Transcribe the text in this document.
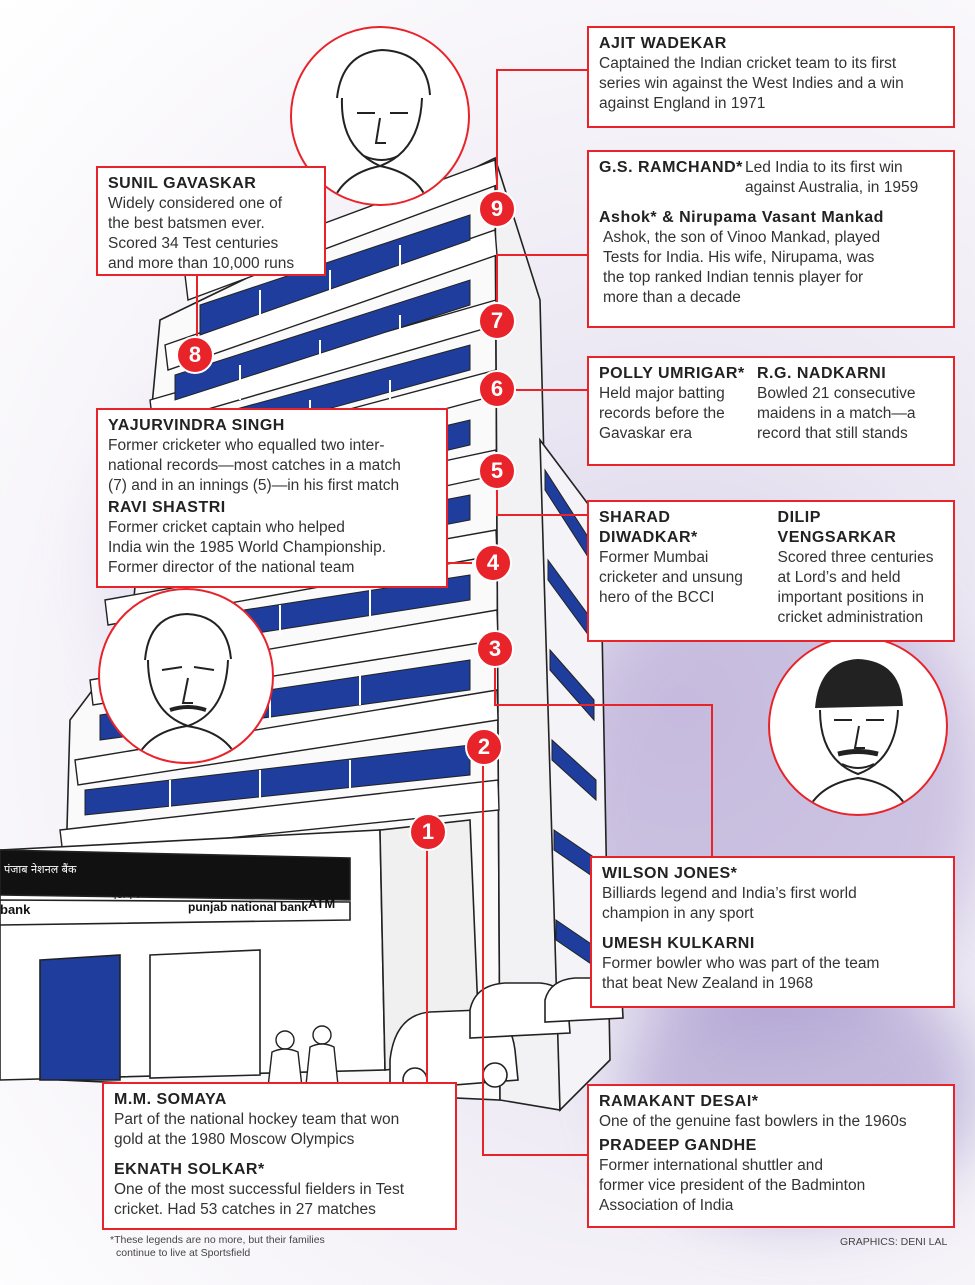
9
8
7
6
5
4
3
2
1
पंजाब नेशनल बैंक
एटीएम
bank	punjab national bank ATM

AJIT WADEKAR

Captained the Indian cricket team to its first

series win against the West Indies and a win

against England in 1971

G.S. RAMCHAND* Led India to its first win

against Australia, in 1959

Ashok* & Nirupama Vasant Mankad

Ashok, the son of Vinoo Mankad, played

Tests for India. His wife, Nirupama, was

the top ranked Indian tennis player for

more than a decade

SUNIL GAVASKAR

Widely considered one of

the best batsmen ever.

Scored 34 Test centuries

and more than 10,000 runs

POLLY UMRIGAR*

Held major batting

records before the

Gavaskar era

R.G. NADKARNI

Bowled 21 consecutive

maidens in a match—a

record that still stands

YAJURVINDRA SINGH

Former cricketer who equalled two inter-

national records—most catches in a match

(7) and in an innings (5)—in his first match

RAVI SHASTRI

Former cricket captain who helped

India win the 1985 World Championship.

Former director of the national team

SHARAD

DIWADKAR*

Former Mumbai

cricketer and unsung

hero of the BCCI

DILIP VENGSARKAR

Scored three centuries

at Lord’s and held

important positions in

cricket administration

WILSON JONES*

Billiards legend and India’s first world

champion in any sport

UMESH KULKARNI

Former bowler who was part of the team

that beat New Zealand in 1968

M.M. SOMAYA

Part of the national hockey team that won

gold at the 1980 Moscow Olympics

EKNATH SOLKAR*

One of the most successful fielders in Test

cricket. Had 53 catches in 27 matches

RAMAKANT DESAI*

One of the genuine fast bowlers in the 1960s

PRADEEP GANDHE

Former international shuttler and

former vice president of the Badminton

Association of India

*These legends are no more, but their families
continue to live at Sportsfield
GRAPHICS: DENI LAL
